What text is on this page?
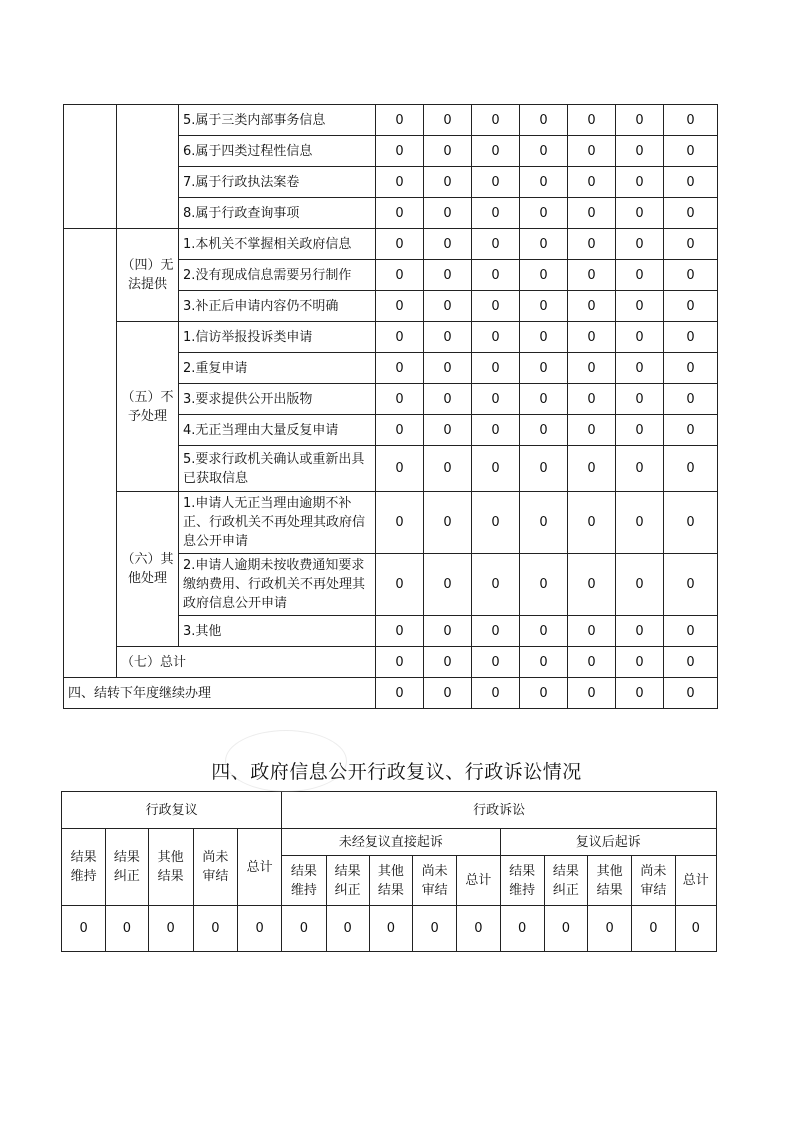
		5.属于三类内部事务信息	0	0	0	0	0	0	0
		6.属于四类过程性信息	0	0	0	0	0	0	0
		7.属于行政执法案卷	0	0	0	0	0	0	0
		8.属于行政查询事项	0	0	0	0	0	0	0
	（四）无法提供	1.本机关不掌握相关政府信息	0	0	0	0	0	0	0
		2.没有现成信息需要另行制作	0	0	0	0	0	0	0
		3.补正后申请内容仍不明确	0	0	0	0	0	0	0
	（五）不予处理	1.信访举报投诉类申请	0	0	0	0	0	0	0
		2.重复申请	0	0	0	0	0	0	0
		3.要求提供公开出版物	0	0	0	0	0	0	0
		4.无正当理由大量反复申请	0	0	0	0	0	0	0
		5.要求行政机关确认或重新出具已获取信息	0	0	0	0	0	0	0
	（六）其他处理	1.申请人无正当理由逾期不补正、行政机关不再处理其政府信息公开申请	0	0	0	0	0	0	0
		2.申请人逾期未按收费通知要求缴纳费用、行政机关不再处理其政府信息公开申请	0	0	0	0	0	0	0
		3.其他	0	0	0	0	0	0	0
	（七）总计		0	0	0	0	0	0	0
四、结转下年度继续办理			0	0	0	0	0	0	0
四、政府信息公开行政复议、行政诉讼情况
行政复议					行政诉讼									
结果维持	结果纠正	其他结果	尚未审结	总计	未经复议直接起诉					复议后起诉				
					结果维持	结果纠正	其他结果	尚未审结	总计	结果维持	结果纠正	其他结果	尚未审结	总计
0	0	0	0	0	0	0	0	0	0	0	0	0	0	0
